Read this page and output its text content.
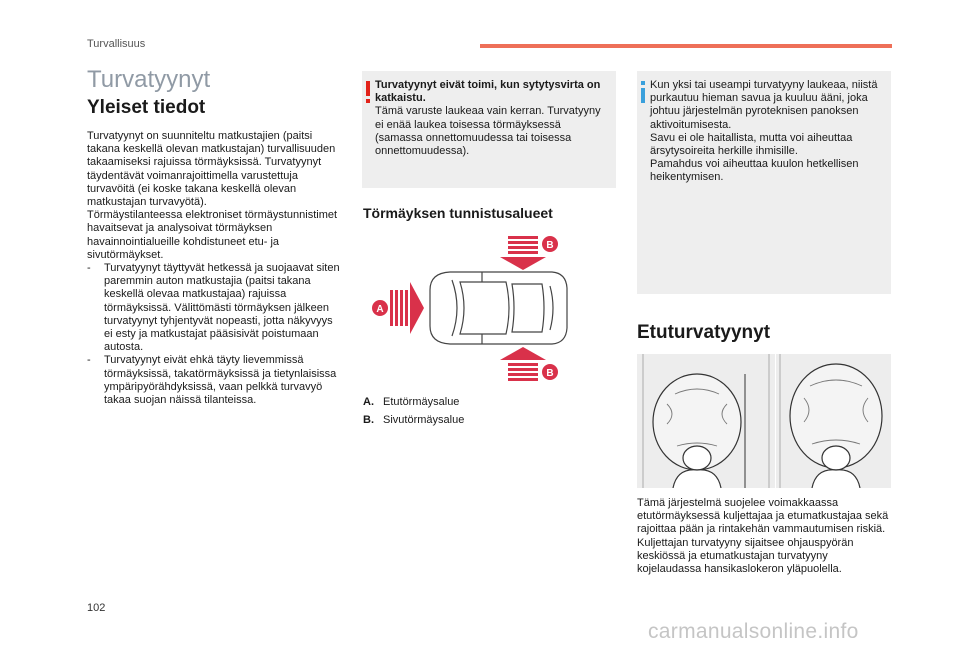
Turvallisuus
Turvatyynyt
Yleiset tiedot

Turvatyynyt on suunniteltu matkustajien (paitsi takana keskellä olevan matkustajan) turvallisuuden takaamiseksi rajuissa törmäyksissä. Turvatyynyt täydentävät voimanrajoittimella varustettuja turvavöitä (ei koske takana keskellä olevan matkustajan turvavyötä).

Törmäystilanteessa elektroniset törmäystunnistimet havaitsevat ja analysoivat törmäyksen havainnointialueille kohdistuneet etu- ja sivutörmäykset.

- Turvatyynyt täyttyvät hetkessä ja suojaavat siten paremmin auton matkustajia (paitsi takana keskellä olevaa matkustajaa) rajuissa törmäyksissä. Välittömästi törmäyksen jälkeen turvatyynyt tyhjentyvät nopeasti, jotta näkyvyys ei esty ja matkustajat pääsisivät poistumaan autosta.
- Turvatyynyt eivät ehkä täyty lievemmissä törmäyksissä, takatörmäyksissä ja tietynlaisissa ympäripyörähdyksissä, vaan pelkkä turvavyö takaa suojan näissä tilanteissa.
Turvatyynyt eivät toimi, kun sytytysvirta on katkaistu.
Tämä varuste laukeaa vain kerran. Turvatyyny ei enää laukea toisessa törmäyksessä (samassa onnettomuudessa tai toisessa onnettomuudessa).
Kun yksi tai useampi turvatyyny laukeaa, niistä purkautuu hieman savua ja kuuluu ääni, joka johtuu järjestelmän pyroteknisen panoksen aktivoitumisesta.
Savu ei ole haitallista, mutta voi aiheuttaa ärsytysoireita herkille ihmisille.
Pamahdus voi aiheuttaa kuulon hetkellisen heikentymisen.
Törmäyksen tunnistusalueet
B
B
A
A. Etutörmäysalue
B. Sivutörmäysalue
Etuturvatyynyt
Tämä järjestelmä suojelee voimakkaassa etutörmäyksessä kuljettajaa ja etumatkustajaa sekä rajoittaa pään ja rintakehän vammautumisen riskiä.
Kuljettajan turvatyyny sijaitsee ohjauspyörän keskiössä ja etumatkustajan turvatyyny kojelaudassa hansikaslokeron yläpuolella.
102
carmanualsonline.info
